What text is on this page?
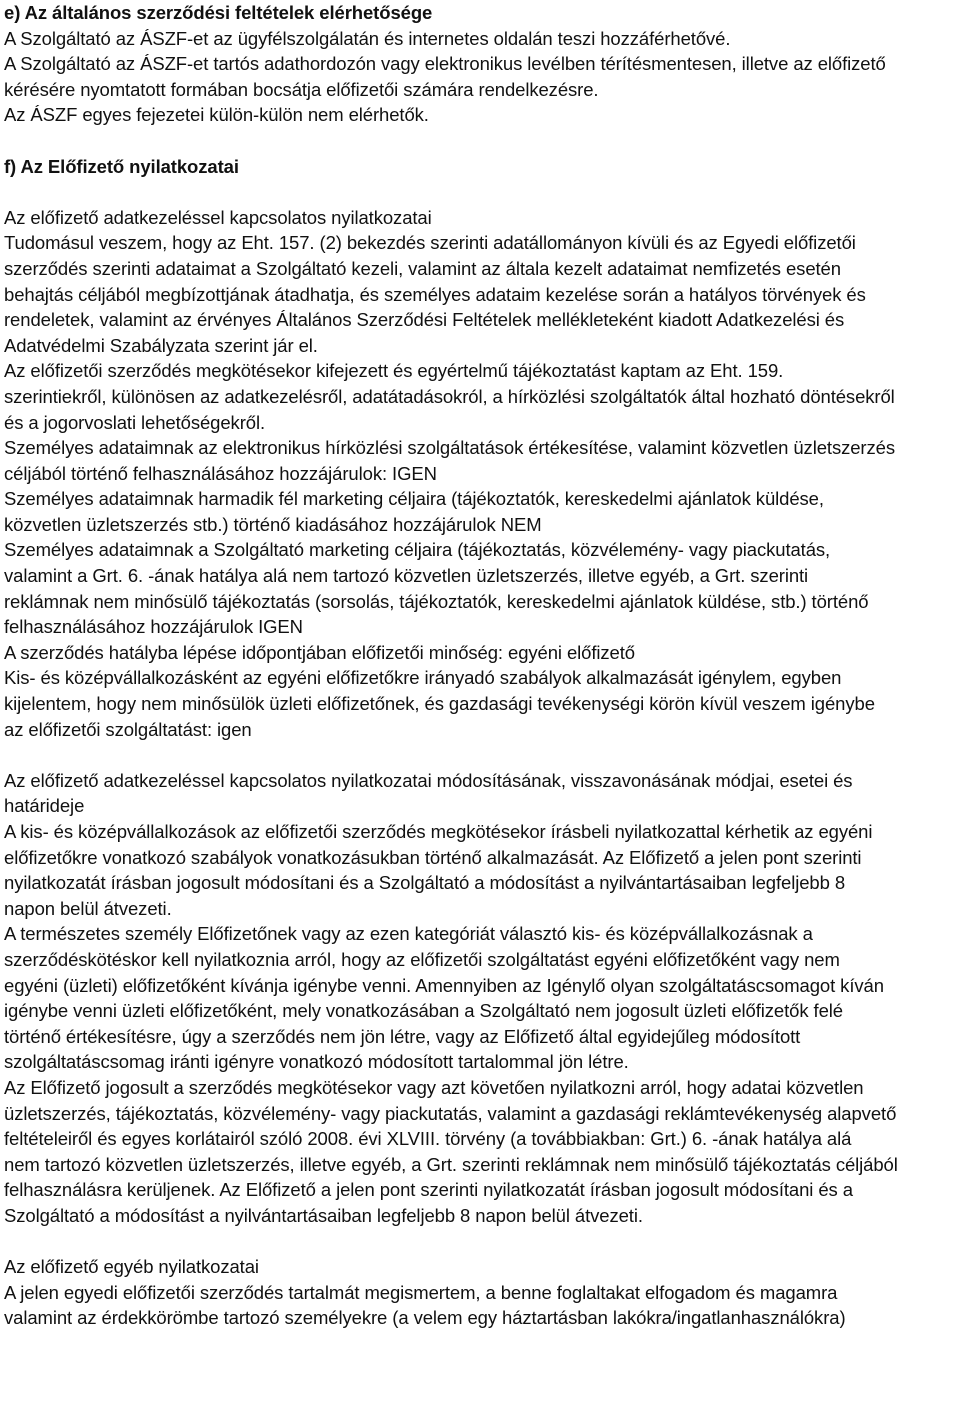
e) Az általános szerződési feltételek elérhetősége
A Szolgáltató az ÁSZF-et az ügyfélszolgálatán és internetes oldalán teszi hozzáférhetővé.
A Szolgáltató az ÁSZF-et tartós adathordozón vagy elektronikus levélben térítésmentesen, illetve az előfizető
kérésére nyomtatott formában bocsátja előfizetői számára rendelkezésre.
Az ÁSZF egyes fejezetei külön-külön nem elérhetők.
f) Az Előfizető nyilatkozatai
Az előfizető adatkezeléssel kapcsolatos nyilatkozatai
Tudomásul veszem, hogy az Eht. 157. (2) bekezdés szerinti adatállományon kívüli és az Egyedi előfizetői
szerződés szerinti adataimat a Szolgáltató kezeli, valamint az általa kezelt adataimat nemfizetés esetén
behajtás céljából megbízottjának átadhatja, és személyes adataim kezelése során a hatályos törvények és
rendeletek, valamint az érvényes Általános Szerződési Feltételek mellékleteként kiadott Adatkezelési és
Adatvédelmi Szabályzata szerint jár el.
Az előfizetői szerződés megkötésekor kifejezett és egyértelmű tájékoztatást kaptam az Eht. 159.
szerintiekről, különösen az adatkezelésről, adatátadásokról, a hírközlési szolgáltatók által hozható döntésekről
és a jogorvoslati lehetőségekről.
Személyes adataimnak az elektronikus hírközlési szolgáltatások értékesítése, valamint közvetlen üzletszerzés
céljából történő felhasználásához hozzájárulok: IGEN
Személyes adataimnak harmadik fél marketing céljaira (tájékoztatók, kereskedelmi ajánlatok küldése,
közvetlen üzletszerzés stb.) történő kiadásához hozzájárulok NEM
Személyes adataimnak a Szolgáltató marketing céljaira (tájékoztatás, közvélemény- vagy piackutatás,
valamint a Grt. 6. -ának hatálya alá nem tartozó közvetlen üzletszerzés, illetve egyéb, a Grt. szerinti
reklámnak nem minősülő tájékoztatás (sorsolás, tájékoztatók, kereskedelmi ajánlatok küldése, stb.) történő
felhasználásához hozzájárulok IGEN
A szerződés hatályba lépése időpontjában előfizetői minőség: egyéni előfizető
Kis- és középvállalkozásként az egyéni előfizetőkre irányadó szabályok alkalmazását igénylem, egyben
kijelentem, hogy nem minősülök üzleti előfizetőnek, és gazdasági tevékenységi körön kívül veszem igénybe
az előfizetői szolgáltatást: igen
Az előfizető adatkezeléssel kapcsolatos nyilatkozatai módosításának, visszavonásának módjai, esetei és
határideje
A kis- és középvállalkozások az előfizetői szerződés megkötésekor írásbeli nyilatkozattal kérhetik az egyéni
előfizetőkre vonatkozó szabályok vonatkozásukban történő alkalmazását. Az Előfizető a jelen pont szerinti
nyilatkozatát írásban jogosult módosítani és a Szolgáltató a módosítást a nyilvántartásaiban legfeljebb 8
napon belül átvezeti.
A természetes személy Előfizetőnek vagy az ezen kategóriát választó kis- és középvállalkozásnak a
szerződéskötéskor kell nyilatkoznia arról, hogy az előfizetői szolgáltatást egyéni előfizetőként vagy nem
egyéni (üzleti) előfizetőként kívánja igénybe venni. Amennyiben az Igénylő olyan szolgáltatáscsomagot kíván
igénybe venni üzleti előfizetőként, mely vonatkozásában a Szolgáltató nem jogosult üzleti előfizetők felé
történő értékesítésre, úgy a szerződés nem jön létre, vagy az Előfizető által egyidejűleg módosított
szolgáltatáscsomag iránti igényre vonatkozó módosított tartalommal jön létre.
Az Előfizető jogosult a szerződés megkötésekor vagy azt követően nyilatkozni arról, hogy adatai közvetlen
üzletszerzés, tájékoztatás, közvélemény- vagy piackutatás, valamint a gazdasági reklámtevékenység alapvető
feltételeiről és egyes korlátairól szóló 2008. évi XLVIII. törvény (a továbbiakban: Grt.) 6. -ának hatálya alá
nem tartozó közvetlen üzletszerzés, illetve egyéb, a Grt. szerinti reklámnak nem minősülő tájékoztatás céljából
felhasználásra kerüljenek. Az Előfizető a jelen pont szerinti nyilatkozatát írásban jogosult módosítani és a
Szolgáltató a módosítást a nyilvántartásaiban legfeljebb 8 napon belül átvezeti.
Az előfizető egyéb nyilatkozatai
A jelen egyedi előfizetői szerződés tartalmát megismertem, a benne foglaltakat elfogadom és magamra
valamint az érdekkörömbe tartozó személyekre (a velem egy háztartásban lakókra/ingatlanhasználókra)
